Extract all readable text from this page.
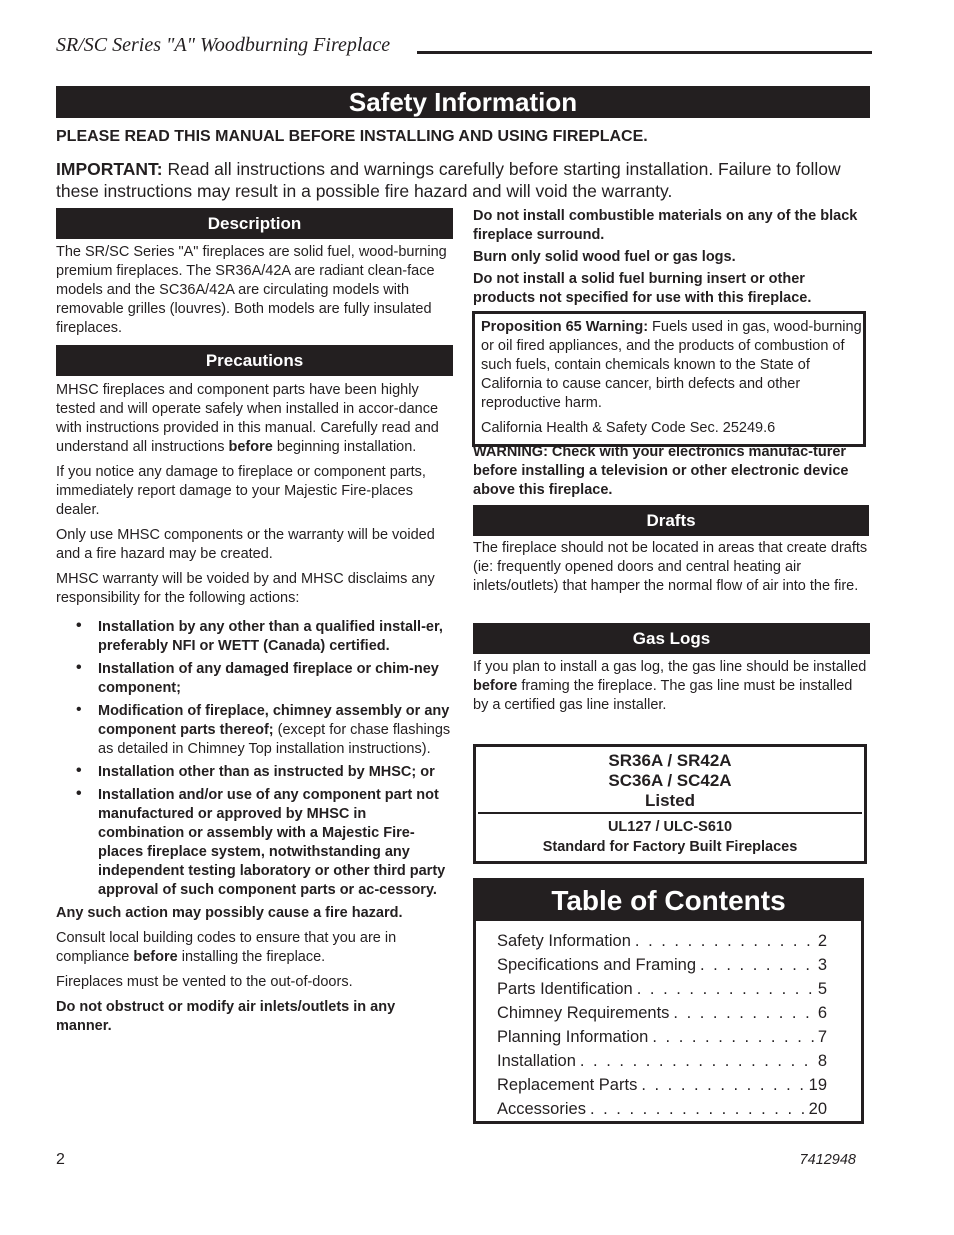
SR/SC Series "A" Woodburning Fireplace
Safety Information
PLEASE READ THIS MANUAL BEFORE INSTALLING AND USING FIREPLACE.
IMPORTANT: Read all instructions and warnings carefully before starting installation. Failure to follow these instructions may result in a possible fire hazard and will void the warranty.
Description

The SR/SC Series "A" fireplaces are solid fuel, wood-burning premium fireplaces. The SR36A/42A are radiant clean-face models and the SC36A/42A are circulating models with removable grilles (louvres). Both models are fully insulated fireplaces.

Precautions

MHSC fireplaces and component parts have been highly tested and will operate safely when installed in accor-dance with instructions provided in this manual. Carefully read and understand all instructions before beginning installation.

If you notice any damage to fireplace or component parts, immediately report damage to your Majestic Fire-places dealer.

Only use MHSC components or the warranty will be voided and a fire hazard may be created.

MHSC warranty will be voided by and MHSC disclaims any responsibility for the following actions:

• Installation by any other than a qualified install-er, preferably NFI or WETT (Canada) certified.
• Installation of any damaged fireplace or chim-ney component;
• Modification of fireplace, chimney assembly or any component parts thereof; (except for chase flashings as detailed in Chimney Top installation instructions).
• Installation other than as instructed by MHSC; or
• Installation and/or use of any component part not manufactured or approved by MHSC in combination or assembly with a Majestic Fire-places fireplace system, notwithstanding any independent testing laboratory or other third party approval of such component parts or ac-cessory.

Any such action may possibly cause a fire hazard.

Consult local building codes to ensure that you are in compliance before installing the fireplace.

Fireplaces must be vented to the out-of-doors.

Do not obstruct or modify air inlets/outlets in any manner.

Do not install combustible materials on any of the black fireplace surround.

Burn only solid wood fuel or gas logs.

Do not install a solid fuel burning insert or other products not specified for use with this fireplace.

Proposition 65 Warning: Fuels used in gas, wood-burning or oil fired appliances, and the products of combustion of such fuels, contain chemicals known to the State of California to cause cancer, birth defects and other reproductive harm.

California Health & Safety Code Sec. 25249.6

WARNING: Check with your electronics manufac-turer before installing a television or other electronic device above this fireplace.

Drafts

The fireplace should not be located in areas that create drafts (ie: frequently opened doors and central heating air inlets/outlets) that hamper the normal flow of air into the fire.

Gas Logs

If you plan to install a gas log, the gas line should be installed before framing the fireplace. The gas line must be installed by a certified gas line installer.

SR36A / SR42A
SC36A / SC42A
Listed
UL127 / ULC-S610
Standard for Factory Built Fireplaces
Table of Contents
Safety Information . . .	2
Specifications and Framing . . .	3
Parts Identification . . .	5
Chimney Requirements . . .	6
Planning Information . . .	7
Installation . . .	8
Replacement Parts . . .	19
Accessories . . .	20
2	7412948
